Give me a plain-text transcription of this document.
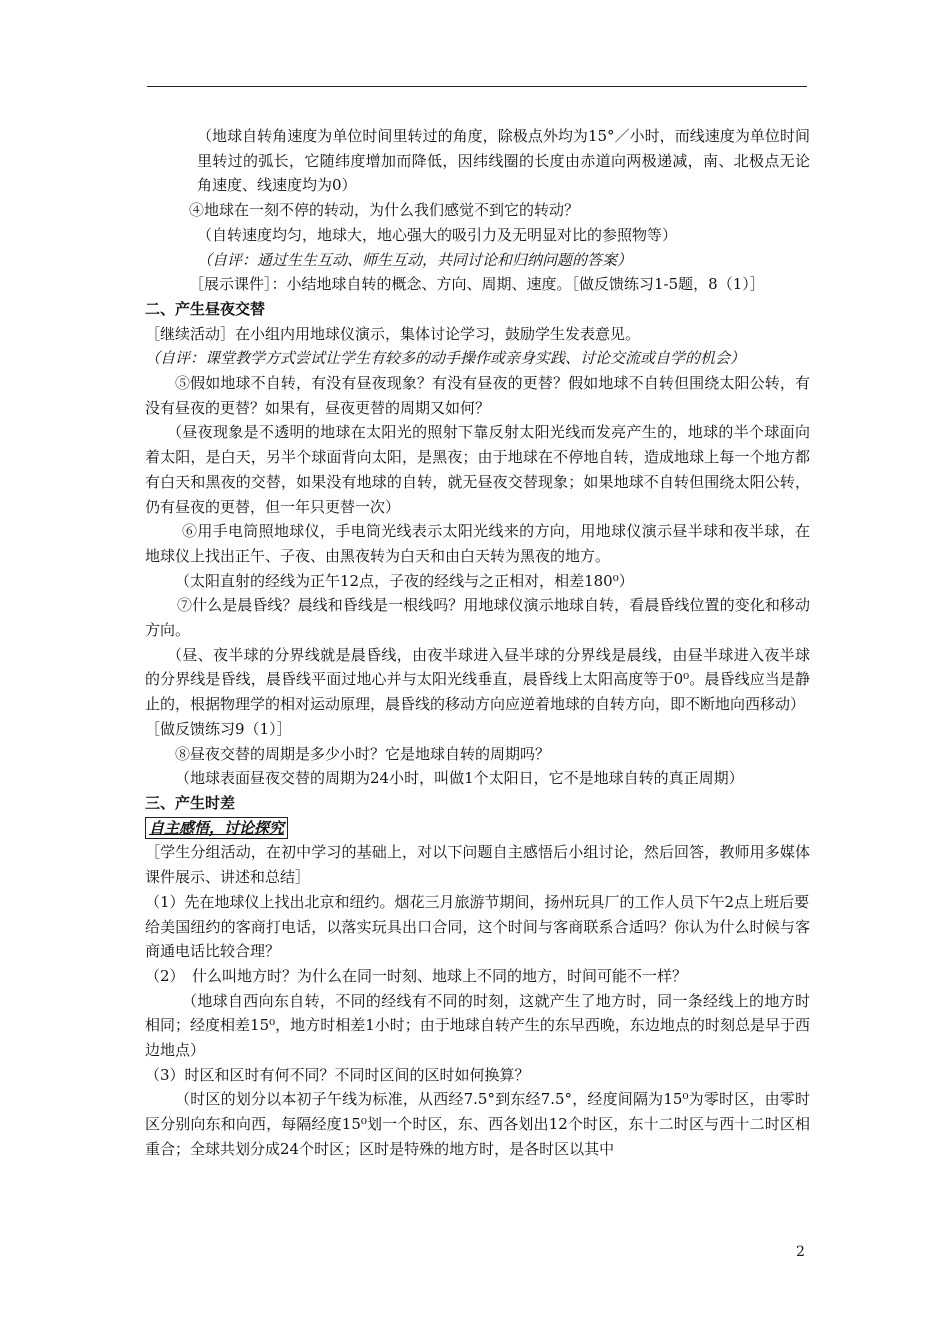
（地球自转角速度为单位时间里转过的角度，除极点外均为15°／小时，而线速度为单位时间里转过的弧长，它随纬度增加而降低，因纬线圈的长度由赤道向两极递减，南、北极点无论角速度、线速度均为0）

④地球在一刻不停的转动，为什么我们感觉不到它的转动？

（自转速度均匀，地球大，地心强大的吸引力及无明显对比的参照物等）

（自评：通过生生互动、师生互动，共同讨论和归纳问题的答案）

［展示课件］：小结地球自转的概念、方向、周期、速度。［做反馈练习1-5题，8（1）］

二、产生昼夜交替

［继续活动］在小组内用地球仪演示，集体讨论学习，鼓励学生发表意见。

（自评：课堂教学方式尝试让学生有较多的动手操作或亲身实践、讨论交流或自学的机会）

⑤假如地球不自转，有没有昼夜现象？有没有昼夜的更替？假如地球不自转但围绕太阳公转，有没有昼夜的更替？如果有，昼夜更替的周期又如何？

（昼夜现象是不透明的地球在太阳光的照射下靠反射太阳光线而发亮产生的，地球的半个球面向着太阳，是白天，另半个球面背向太阳，是黑夜；由于地球在不停地自转，造成地球上每一个地方都有白天和黑夜的交替，如果没有地球的自转，就无昼夜交替现象；如果地球不自转但围绕太阳公转，仍有昼夜的更替，但一年只更替一次）

⑥用手电筒照地球仪，手电筒光线表示太阳光线来的方向，用地球仪演示昼半球和夜半球，在地球仪上找出正午、子夜、由黑夜转为白天和由白天转为黑夜的地方。

（太阳直射的经线为正午12点，子夜的经线与之正相对，相差180⁰）

⑦什么是晨昏线？晨线和昏线是一根线吗？用地球仪演示地球自转，看晨昏线位置的变化和移动方向。

（昼、夜半球的分界线就是晨昏线，由夜半球进入昼半球的分界线是晨线，由昼半球进入夜半球的分界线是昏线，晨昏线平面过地心并与太阳光线垂直，晨昏线上太阳高度等于0⁰。晨昏线应当是静止的，根据物理学的相对运动原理，晨昏线的移动方向应逆着地球的自转方向，即不断地向西移动）

［做反馈练习9（1）］

⑧昼夜交替的周期是多少小时？它是地球自转的周期吗？

（地球表面昼夜交替的周期为24小时，叫做1个太阳日，它不是地球自转的真正周期）

三、产生时差

自主感悟，讨论探究

［学生分组活动，在初中学习的基础上，对以下问题自主感悟后小组讨论，然后回答，教师用多媒体课件展示、讲述和总结］

（1）先在地球仪上找出北京和纽约。烟花三月旅游节期间，扬州玩具厂的工作人员下午2点上班后要

给美国纽约的客商打电话，以落实玩具出口合同，这个时间与客商联系合适吗？你认为什么时候与客商通电话比较合理？

（2）　什么叫地方时？为什么在同一时刻、地球上不同的地方，时间可能不一样？

（地球自西向东自转，不同的经线有不同的时刻，这就产生了地方时，同一条经线上的地方时相同；经度相差15⁰，地方时相差1小时；由于地球自转产生的东早西晚，东边地点的时刻总是早于西边地点）

（3）时区和区时有何不同？不同时区间的区时如何换算？

（时区的划分以本初子午线为标准，从西经7.5°到东经7.5°，经度间隔为15⁰为零时区，由零时区分别向东和向西，每隔经度15⁰划一个时区，东、西各划出12个时区，东十二时区与西十二时区相重合；全球共划分成24个时区；区时是特殊的地方时，是各时区以其中

2
